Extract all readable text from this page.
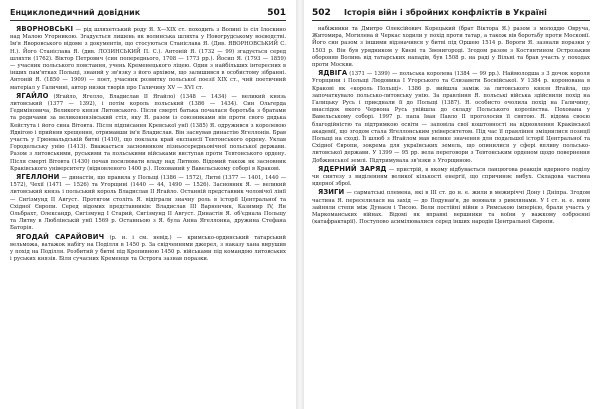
Енциклопедичний довідник	501

ЯВОРНОВСЬКІ — рід шляхетський роду Я. Х—XIX ст. походить з Волині із сіл Ілоскино над Малою Угорникою. Згадується лишень як волинська шляхта у Новогрудському воєводстві. Ім'я Яворовського відоме з документів, що стосуються Станіслава Я. (Див. ЯВОРНОВСЬКИЙ С. Н.). Його Станіслава Я. (див. ЛОЗИНСЬКИЙ П. С.). Антоній Я. (1732 — 99) згадується серед шляхти (1762). Віктор Петрович (син попереднього, 1708 — 1773 рр.). Йосип Я. (1793 — 1859) — учасник польського повстання, учень Кременецького ліцею. Один з найбільших інтересних в інших пам'ятках Польщі, знаний у зв'язку з його архівом, що залишився в особистому зібранні. Антоній Я. (1850 — 1909) — поет, учасник розвитку польської поезії XIX ст., чий поетичний матеріал у Галичині, автор низки творів про Галичину ХV — XVI ст.

ЯГАЙЛО (Ягайло, Ягелло, Владислав II Ягайло) (1348 — 1434) — великий князь литовський (1377 — 1392), і потім король польський (1386 — 1434). Син Ольгерда Гедиміновича, Великого князя Литовського. Після смерті батька почалася боротьба з братами та родичами за великокнязівський стіл, яку Я. разом із союзниками вів проти свого дядька Кейстута і його сина Вітовта. Після підписання Кревської унії (1385) Я. одружився з королевою Ядвігою і прийняв хрещення, отримавши ім'я Владислав. Він заснував династію Ягеллонів. Брав участь у Грюнвальдській битві (1410), що поклала край експансії Тевтонського ордену. Уклав Городельську унію (1413). Вважається засновником пізньосередньовічної польської держави. Разом з литовськими, руськими та польськими військами виступав проти Тевтонського ордену. Після смерті Вітовта (1430) почав посилювати владу над Литвою. Відомий також як засновник Краківського університету (відновленого 1400 р.). Похований у Вавельському соборі в Кракові.

ЯГЕЛЛОНИ — династія, що правила у Польщі (1386 — 1572), Литві (1377 — 1401, 1440 — 1572), Чехії (1471 — 1526) та Угорщині (1440 — 44, 1490 — 1526). Засновник Я. — великий литовський князь і польський король Владислав II Ягайло. Останній представник чоловічої лінії — Сигізмунд II Август. Протягом століть Я. відіграли значну роль в історії Центральної та Східної Європи. Серед відомих представників: Владислав III Варненчик, Казимир IV, Ян Ольбрахт, Олександр, Сигізмунд I Старий, Сигізмунд II Август. Династія Я. об'єднала Польщу та Литву в Люблінській унії 1569 р. Останньою з Я. була Анна Ягеллонка, дружина Стефана Баторія.

ЯГОДАЙ САРАЙОВИЧ (р. н. і см. невід.) — кримсько-ординський татарський вельможа, ватажок набігу на Поділля в 1450 р. За свідченнями джерел, з наказу хана вирушив у похід на Поділля. Розбитий у битві під Кропивною 1450 р. військами під командою литовських і руських князів. Біля сучасних Кременця та Острога зазнав поразки.

502 Історія війн і збройних конфліктів в Україні

набіжники та Дмитро Олексійович Корецький (брат Віктора Я.) разом з молоддю Овруча, Житомира, Могилева й Черкас ходили у похід проти татар, а також вів боротьбу проти Московії. Його син разом з іншими відзначився у битві під Оршею 1514 р. Вороги Я. зазнали поразки у 1503 р. Він був урядником у Києві та Звенигороді. Згодом разом з Костянтином Острозьким обороняв Волинь від татарських нападів, був 1508 р. на раді у Вільні та брав участь у походах проти Москви.

ЯДВІГА (1371 — 1399) — польська королева (1384 — 99 рр.). Наймолодша з 3 дочок короля Угорщини і Польщі Людовика I Угорського та Єлизавети Боснійської. У 1384 р. коронована в Кракові як «король Польщі». 1386 р. вийшла заміж за литовського князя Ягайла, що започаткувало польсько-литовську унію. За правління Я. польські війська здійснили похід на Галицьку Русь і приєднали її до Польщі (1387). Я. особисто очолила похід на Галичину, внаслідок якого Червона Русь увійшла до складу Польського королівства. Похована у Вавельському соборі. 1997 р. папа Іван Павло II проголосив її святою. Я. відома своєю благодійністю та підтримкою освіти — заповіла свої коштовності на відновлення Краківської академії, що згодом стала Ягеллонським університетом. Під час її правління зміцнилися позиції Польщі на сході. Її шлюб з Ягайлом мав велике значення для подальшої історії Центральної та Східної Європи, зокрема для українських земель, що опинилися у сфері впливу польсько-литовської держави. У 1399 — 95 рр. вела переговори з Тевтонським орденом щодо повернення Добжинської землі. Підтримувала зв'язки з Угорщиною.

ЯДЕРНИЙ ЗАРЯД — пристрій, в якому відбувається ланцюгова реакція ядерного поділу чи синтезу з виділенням великої кількості енергії, що спричиняє вибух. Складова частина ядерної зброї.

ЯЗИГИ — сарматські племена, які в III ст. до н. е. жили в межиріччі Дону і Дніпра. Згодом частина Я. переселилася на захід — до Подунав'я, де воювали з римлянами. У I ст. н. е. вони зайняли степи між Дунаєм і Тисою. Вели постійні війни з Римською імперією, брали участь у Маркоманських війнах. Відомі як вправні вершники та воїни у важкому озброєнні (катафрактарії). Поступово асимілювалися серед інших народів Центральної Європи.
